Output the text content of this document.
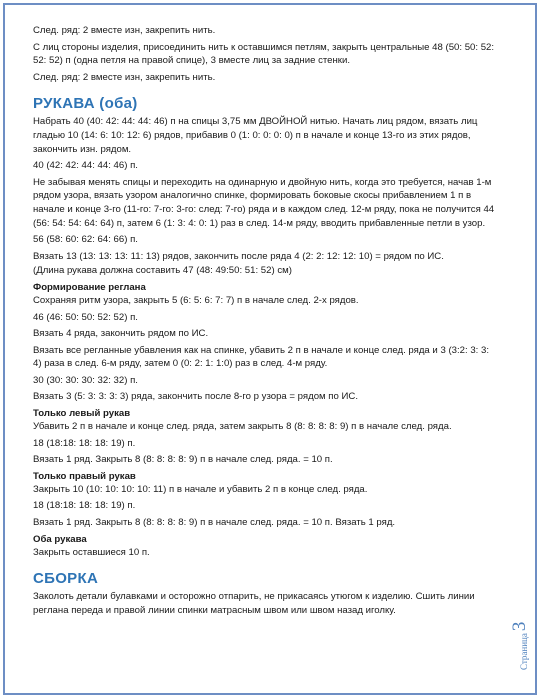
След. ряд: 2 вместе изн, закрепить нить.

С лиц стороны изделия, присоединить нить к оставшимся петлям, закрыть центральные 48 (50: 50: 52: 52: 52) п (одна петля на правой спице), 3 вместе лиц за задние стенки.

След. ряд: 2 вместе изн, закрепить нить.

РУКАВА (оба)

Набрать 40 (40: 42: 44: 44: 46) п на спицы 3,75 мм ДВОЙНОЙ нитью. Начать лиц рядом, вязать лиц гладью 10 (14: 6: 10: 12: 6) рядов, прибавив 0 (1: 0: 0: 0: 0) п в начале и конце 13-го из этих рядов, закончить изн. рядом.

40 (42: 42: 44: 44: 46) п.

Не забывая менять спицы и переходить на одинарную и двойную нить, когда это требуется, начав 1-м рядом узора, вязать узором аналогично спинке, формировать боковые скосы прибавлением 1 п в начале и конце 3-го (11-го: 7-го: 3-го: след: 7-го) ряда и в каждом след. 12-м ряду, пока не получится 44 (56: 54: 54: 64: 64) п, затем 6 (1: 3: 4: 0: 1) раз в след. 14-м ряду, вводить прибавленные петли в узор.

56 (58: 60: 62: 64: 66) п.

Вязать 13 (13: 13: 13: 11: 13) рядов, закончить после ряда 4 (2: 2: 12: 12: 10) = рядом по ИС.

(Длина рукава должна составить 47 (48: 49:50: 51: 52) см)

Формирование реглана

Сохраняя ритм узора, закрыть 5 (6: 5: 6: 7: 7) п в начале след. 2-х рядов.

46 (46: 50: 50: 52: 52) п.

Вязать 4 ряда, закончить рядом по ИС.

Вязать все регланные убавления как на спинке, убавить 2 п в начале и конце след. ряда и 3 (3:2: 3: 3: 4) раза в след. 6-м ряду, затем 0 (0: 2: 1: 1:0) раз в след. 4-м ряду.

30 (30: 30: 30: 32: 32) п.

Вязать 3 (5: 3: 3: 3: 3) ряда, закончить после 8-го р узора = рядом по ИС.

Только левый рукав

Убавить 2 п в начале и конце след. ряда, затем закрыть 8 (8: 8: 8: 8: 9) п в начале след. ряда.

18 (18:18: 18: 18: 19) п.

Вязать 1 ряд. Закрыть 8 (8: 8: 8: 8: 9) п в начале след. ряда. = 10 п.

Только правый рукав

Закрыть 10 (10: 10: 10: 10: 11) п в начале и убавить 2 п в конце след. ряда.

18 (18:18: 18: 18: 19) п.

Вязать 1 ряд. Закрыть 8 (8: 8: 8: 8: 9) п в начале след. ряда. = 10 п. Вязать 1 ряд.

Оба рукава

Закрыть оставшиеся 10 п.

СБОРКА

Заколоть детали булавками и осторожно отпарить, не прикасаясь утюгом к изделию. Сшить линии реглана переда и правой линии спинки матрасным швом или швом назад иголку.

Страница
3
